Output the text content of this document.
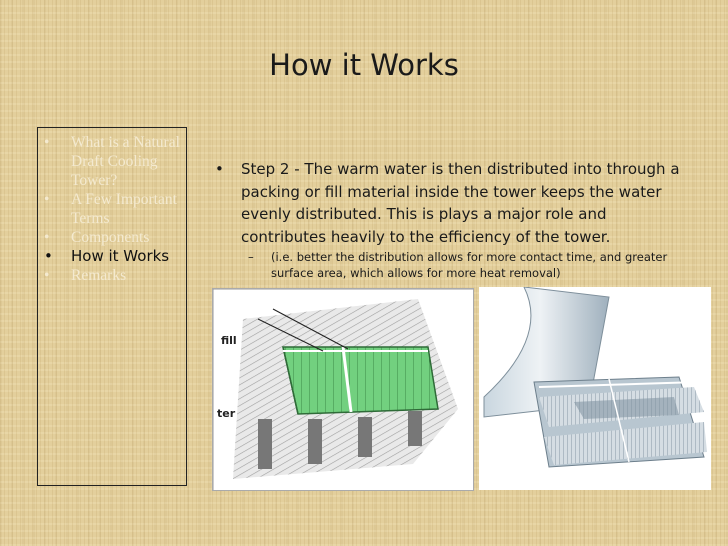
How it Works
• What is a Natural Draft Cooling Tower?
• A Few Important Terms
• Components
• How it Works
• Remarks
• Step 2 - The warm water is then distributed into through a packing or fill material inside the tower keeps the water evenly distributed. This is plays a major role and contributes heavily to the efficiency of the tower.
– (i.e. better the distribution allows for more contact time, and greater surface area, which allows for more heat removal)
fill
ter
